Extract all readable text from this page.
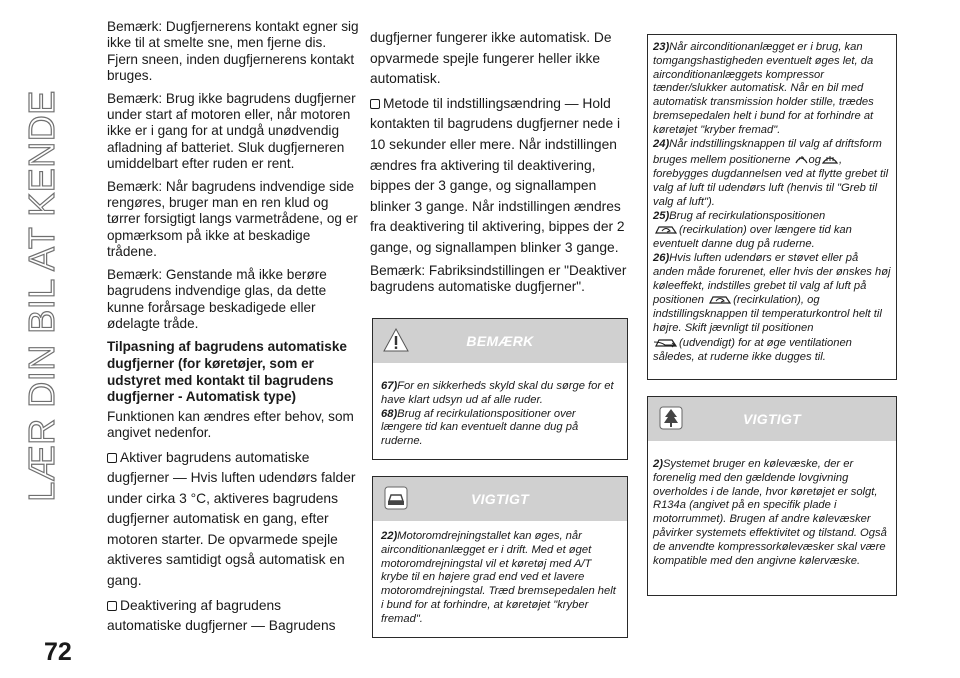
LÆR DIN BIL AT KENDE
72

Bemærk: Dugfjernerens kontakt egner sig ikke til at smelte sne, men fjerne dis. Fjern sneen, inden dugfjernerens kontakt bruges.

Bemærk: Brug ikke bagrudens dugfjerner under start af motoren eller, når motoren ikke er i gang for at undgå unødvendig afladning af batteriet. Sluk dugfjerneren umiddelbart efter ruden er rent.

Bemærk: Når bagrudens indvendige side rengøres, bruger man en ren klud og tørrer forsigtigt langs varmetrådene, og er opmærksom på ikke at beskadige trådene.

Bemærk: Genstande må ikke berøre bagrudens indvendige glas, da dette kunne forårsage beskadigede eller ødelagte tråde.

Tilpasning af bagrudens automatiske dugfjerner (for køretøjer, som er udstyret med kontakt til bagrudens dugfjerner - Automatisk type)

Funktionen kan ændres efter behov, som angivet nedenfor.

Aktiver bagrudens automatiske dugfjerner — Hvis luften udendørs falder under cirka 3 °C, aktiveres bagrudens dugfjerner automatisk en gang, efter motoren starter. De opvarmede spejle aktiveres samtidigt også automatisk en gang.

Deaktivering af bagrudens automatiske dugfjerner — Bagrudens

dugfjerner fungerer ikke automatisk. De opvarmede spejle fungerer heller ikke automatisk.

Metode til indstillingsændring — Hold kontakten til bagrudens dugfjerner nede i 10 sekunder eller mere. Når indstillingen ændres fra aktivering til deaktivering, bippes der 3 gange, og signallampen blinker 3 gange. Når indstillingen ændres fra deaktivering til aktivering, bippes der 2 gange, og signallampen blinker 3 gange.

Bemærk: Fabriksindstillingen er "Deaktiver bagrudens automatiske dugfjerner".

BEMÆRK

67)For en sikkerheds skyld skal du sørge for et have klart udsyn ud af alle ruder.

68)Brug af recirkulationspositioner over længere tid kan eventuelt danne dug på ruderne.

VIGTIGT

22)Motoromdrejningstallet kan øges, når airconditionanlægget er i drift. Med et øget motoromdrejningstal vil et køretøj med A/T krybe til en højere grad end ved et lavere motoromdrejningstal. Træd bremsepedalen helt i bund for at forhindre, at køretøjet "kryber fremad".

23)Når airconditionanlægget er i brug, kan tomgangshastigheden eventuelt øges let, da airconditionanlæggets kompressor tænder/slukker automatisk. Når en bil med automatisk transmission holder stille, trædes bremsepedalen helt i bund for at forhindre at køretøjet "kryber fremad".

24)Når indstillingsknappen til valg af driftsform bruges mellem positionerne og , forebygges dugdannelsen ved at flytte grebet til valg af luft til udendørs luft (henvis til "Greb til valg af luft").

25)Brug af recirkulationspositionen
(recirkulation) over længere tid kan eventuelt danne dug på ruderne.

26)Hvis luften udendørs er støvet eller på anden måde forurenet, eller hvis der ønskes høj køleeffekt, indstilles grebet til valg af luft på positionen	(recirkulation), og indstillingsknappen til temperaturkontrol helt til højre. Skift jævnligt til positionen
(udvendigt) for at øge ventilationen således, at ruderne ikke dugges til.

VIGTIGT

2)Systemet bruger en kølevæske, der er forenelig med den gældende lovgivning overholdes i de lande, hvor køretøjet er solgt, R134a (angivet på en specifik plade i motorrummet). Brugen af andre kølevæsker påvirker systemets effektivitet og tilstand. Også de anvendte kompressorkølevæsker skal være kompatible med den angivne kølervæske.
